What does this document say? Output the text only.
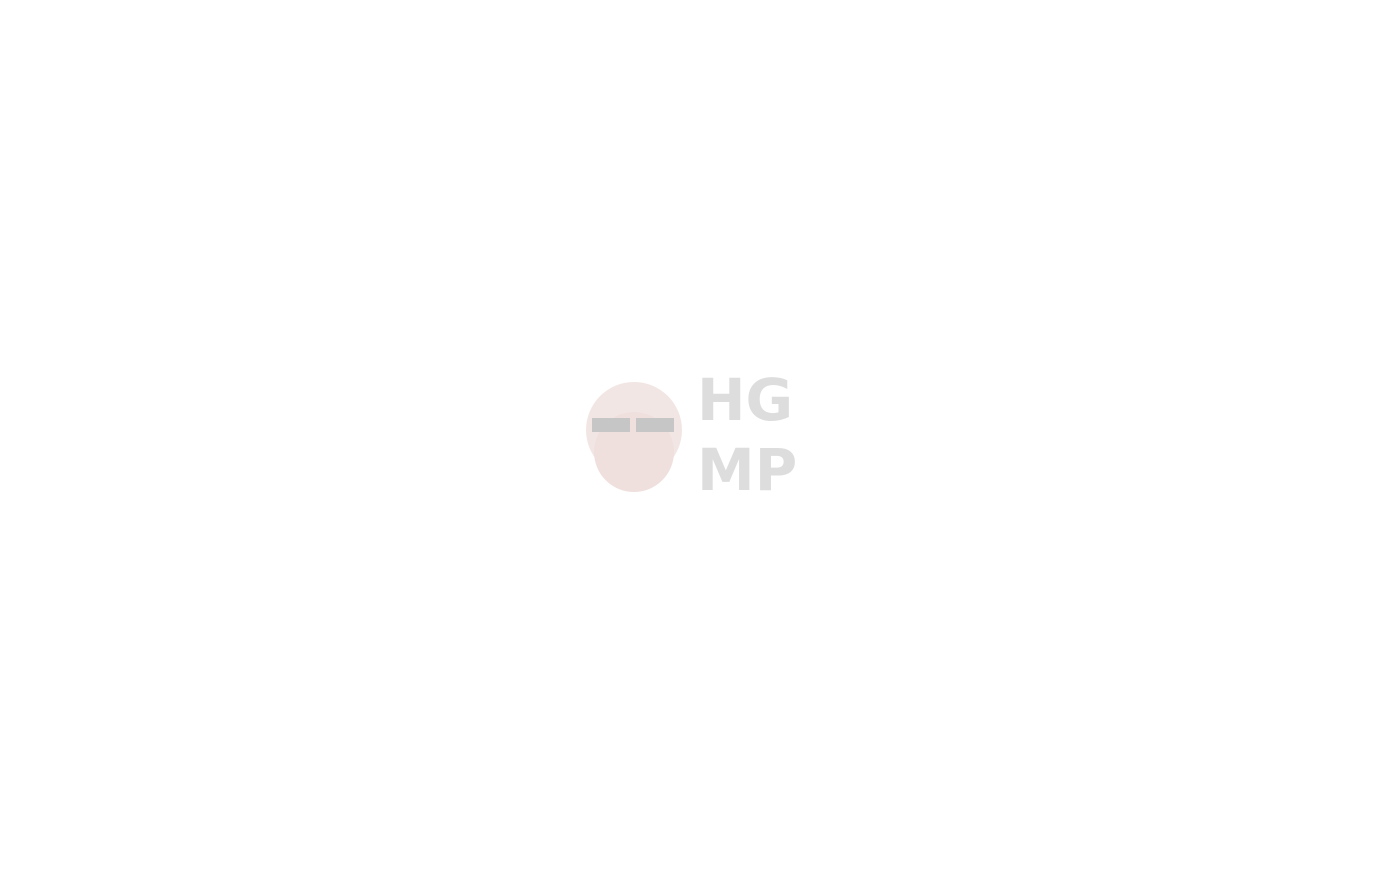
HG
MP
